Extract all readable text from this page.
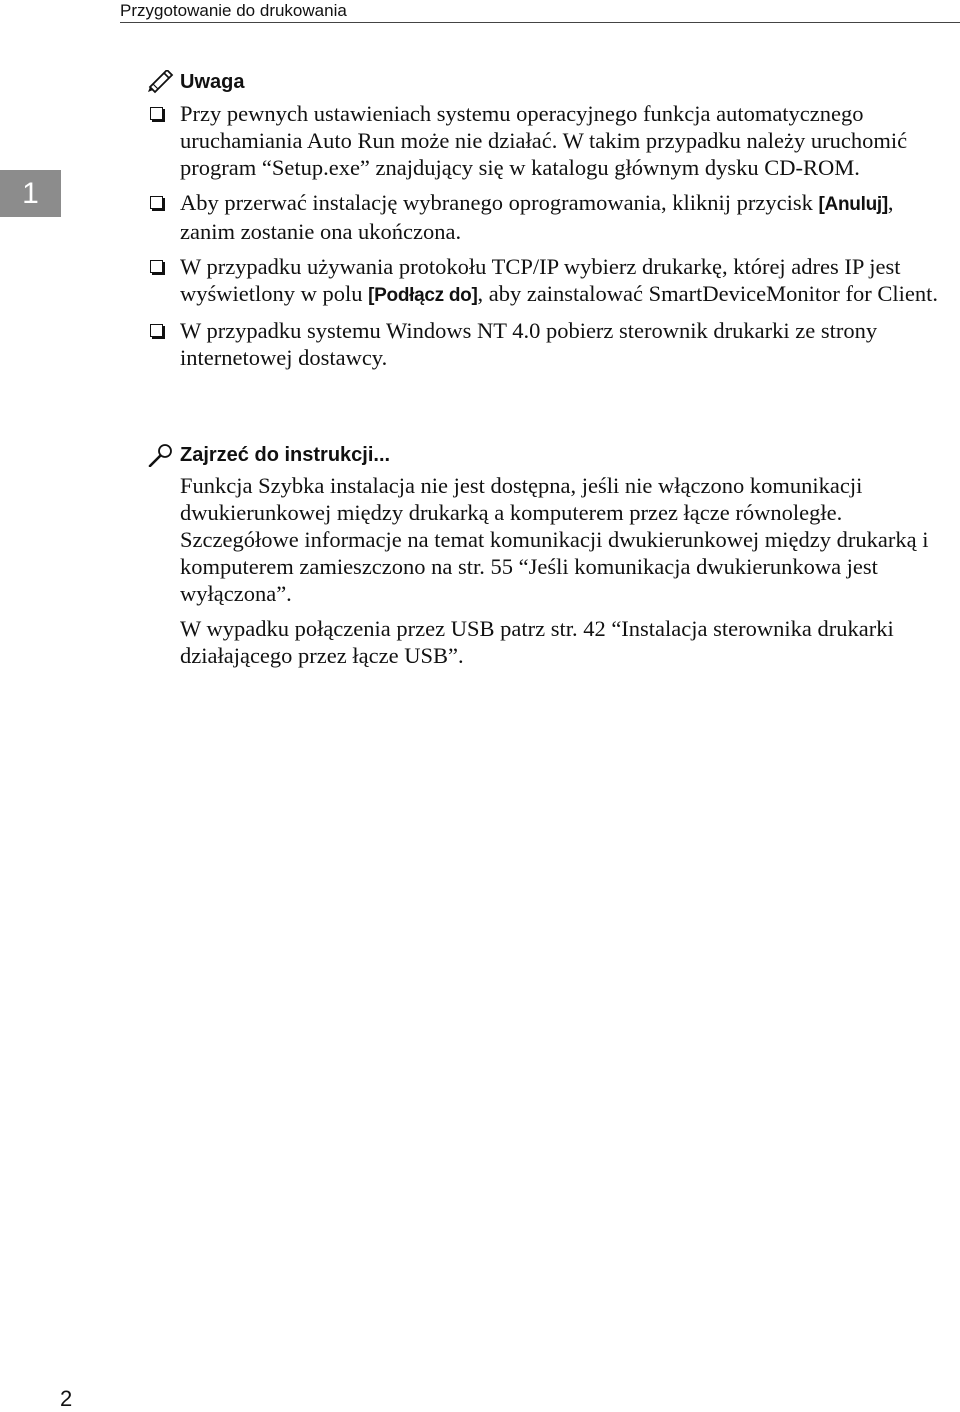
Przygotowanie do drukowania
1
Uwaga
Przy pewnych ustawieniach systemu operacyjnego funkcja automatycznego uruchamiania Auto Run może nie działać. W takim przypadku należy uruchomić program “Setup.exe” znajdujący się w katalogu głównym dysku CD-ROM.
Aby przerwać instalację wybranego oprogramowania, kliknij przycisk [Anuluj], zanim zostanie ona ukończona.
W przypadku używania protokołu TCP/IP wybierz drukarkę, której adres IP jest wyświetlony w polu [Podłącz do], aby zainstalować SmartDeviceMonitor for Client.
W przypadku systemu Windows NT 4.0 pobierz sterownik drukarki ze strony internetowej dostawcy.
Zajrzeć do instrukcji...

Funkcja Szybka instalacja nie jest dostępna, jeśli nie włączono komunikacji dwukierunkowej między drukarką a komputerem przez łącze równoległe. Szczegółowe informacje na temat komunikacji dwukierunkowej między drukarką i komputerem zamieszczono na str. 55 “Jeśli komunikacja dwukierunkowa jest wyłączona”.

W wypadku połączenia przez USB patrz str. 42 “Instalacja sterownika drukarki działającego przez łącze USB”.

2
